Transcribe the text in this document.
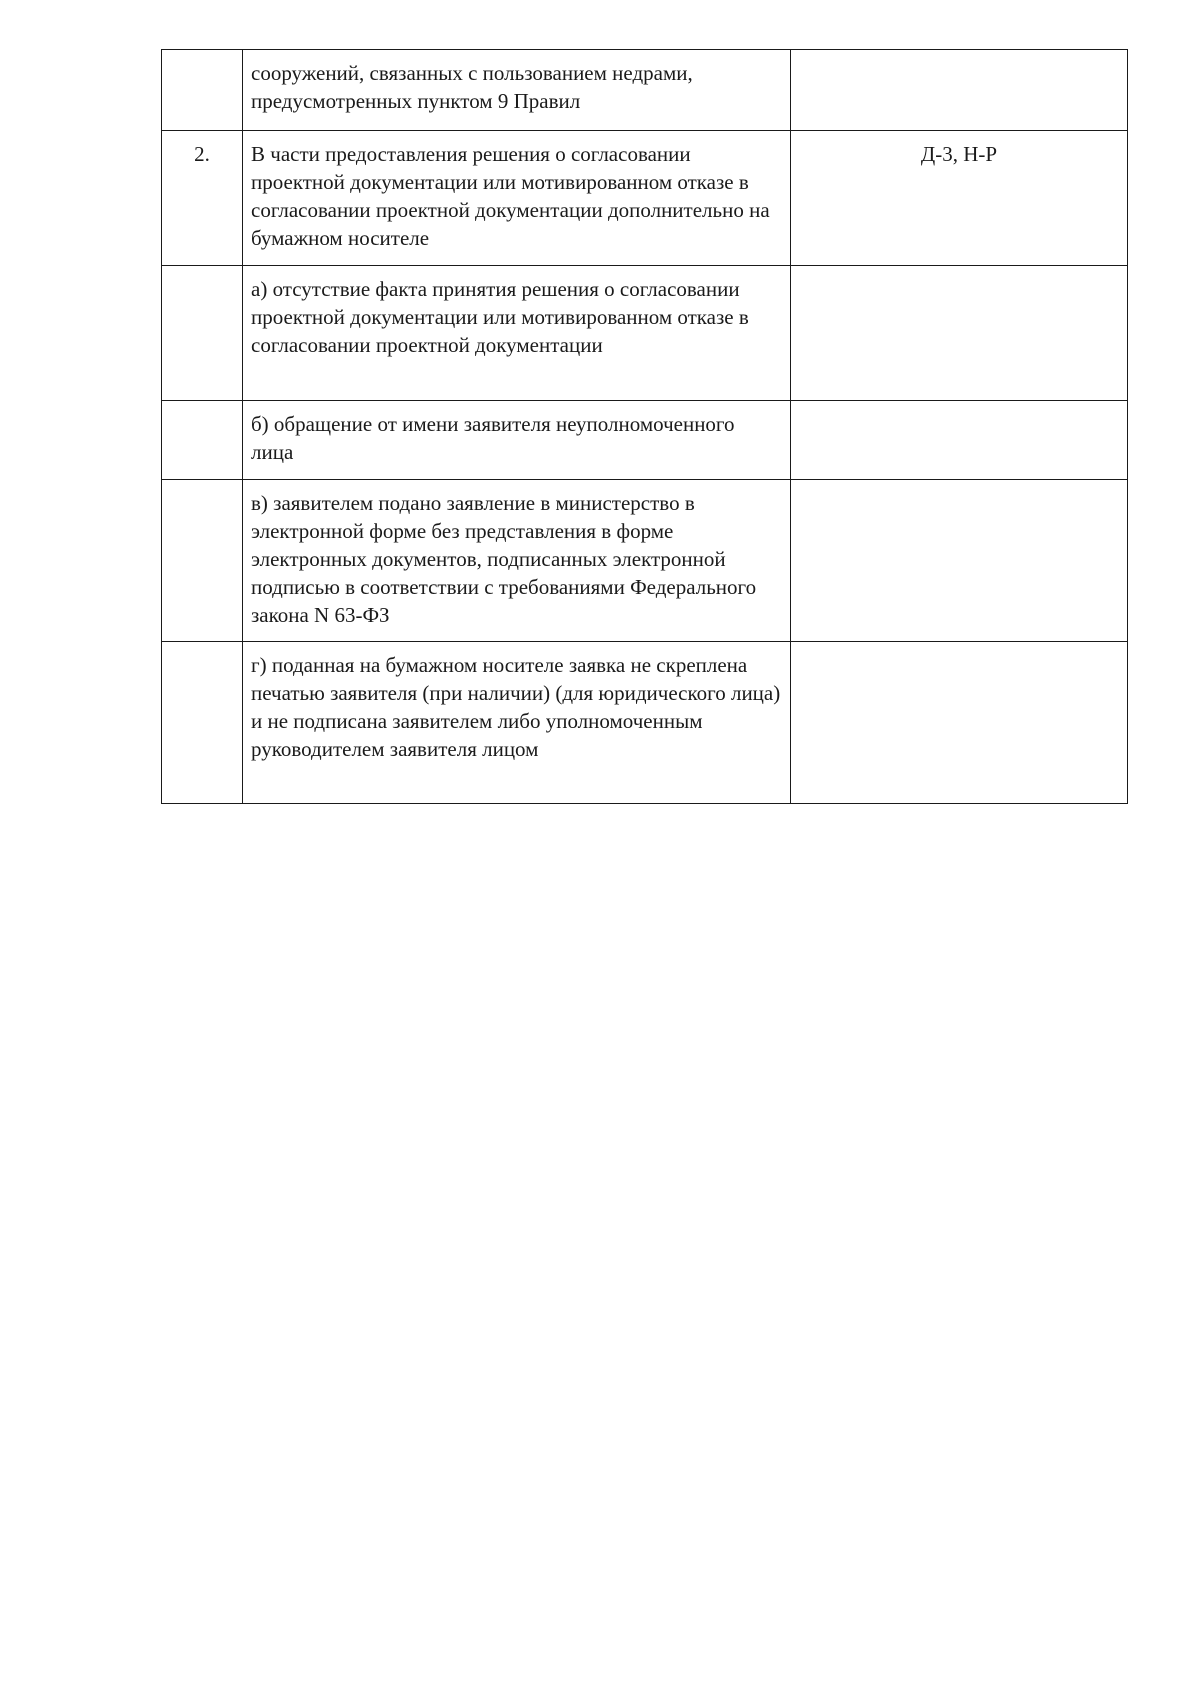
	сооружений, связанных с пользованием недрами, предусмотренных пунктом 9 Правил	
2.	В части предоставления решения о согласовании проектной документации или мотивированном отказе в согласовании проектной документации дополнительно на бумажном носителе	Д-3, Н-Р
	а) отсутствие факта принятия решения о согласовании проектной документации или мотивированном отказе в согласовании проектной документации	
	б) обращение от имени заявителя неуполномоченного лица	
	в) заявителем подано заявление в министерство в электронной форме без представления в форме электронных документов, подписанных электронной подписью в соответствии с требованиями Федерального закона N 63-ФЗ	
	г) поданная на бумажном носителе заявка не скреплена печатью заявителя (при наличии) (для юридического лица) и не подписана заявителем либо уполномоченным руководителем заявителя лицом	
